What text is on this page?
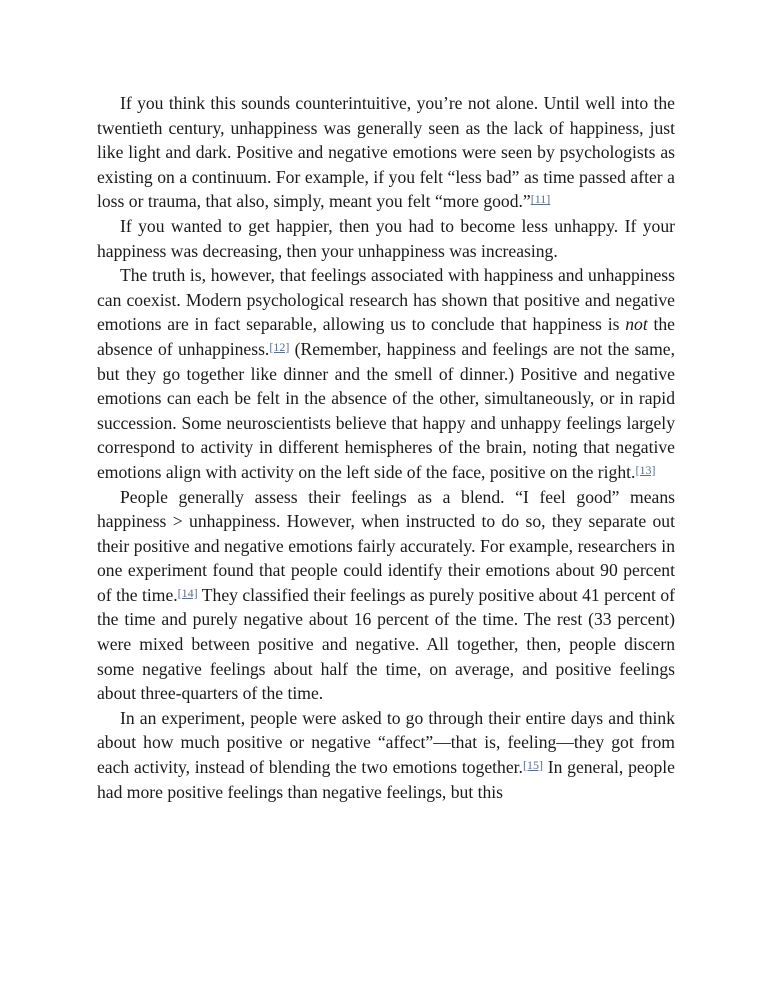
If you think this sounds counterintuitive, you’re not alone. Until well into the twentieth century, unhappiness was generally seen as the lack of happiness, just like light and dark. Positive and negative emotions were seen by psychologists as existing on a continuum. For example, if you felt “less bad” as time passed after a loss or trauma, that also, simply, meant you felt “more good.”[11]

If you wanted to get happier, then you had to become less unhappy. If your happiness was decreasing, then your unhappiness was increasing.

The truth is, however, that feelings associated with happiness and unhappiness can coexist. Modern psychological research has shown that positive and negative emotions are in fact separable, allowing us to conclude that happiness is not the absence of unhappiness.[12] (Remember, happiness and feelings are not the same, but they go together like dinner and the smell of dinner.) Positive and negative emotions can each be felt in the absence of the other, simultaneously, or in rapid succession. Some neuroscientists believe that happy and unhappy feelings largely correspond to activity in different hemispheres of the brain, noting that negative emotions align with activity on the left side of the face, positive on the right.[13]

People generally assess their feelings as a blend. “I feel good” means happiness > unhappiness. However, when instructed to do so, they separate out their positive and negative emotions fairly accurately. For example, researchers in one experiment found that people could identify their emotions about 90 percent of the time.[14] They classified their feelings as purely positive about 41 percent of the time and purely negative about 16 percent of the time. The rest (33 percent) were mixed between positive and negative. All together, then, people discern some negative feelings about half the time, on average, and positive feelings about three-quarters of the time.

In an experiment, people were asked to go through their entire days and think about how much positive or negative “affect”—that is, feeling—they got from each activity, instead of blending the two emotions together.[15] In general, people had more positive feelings than negative feelings, but this
